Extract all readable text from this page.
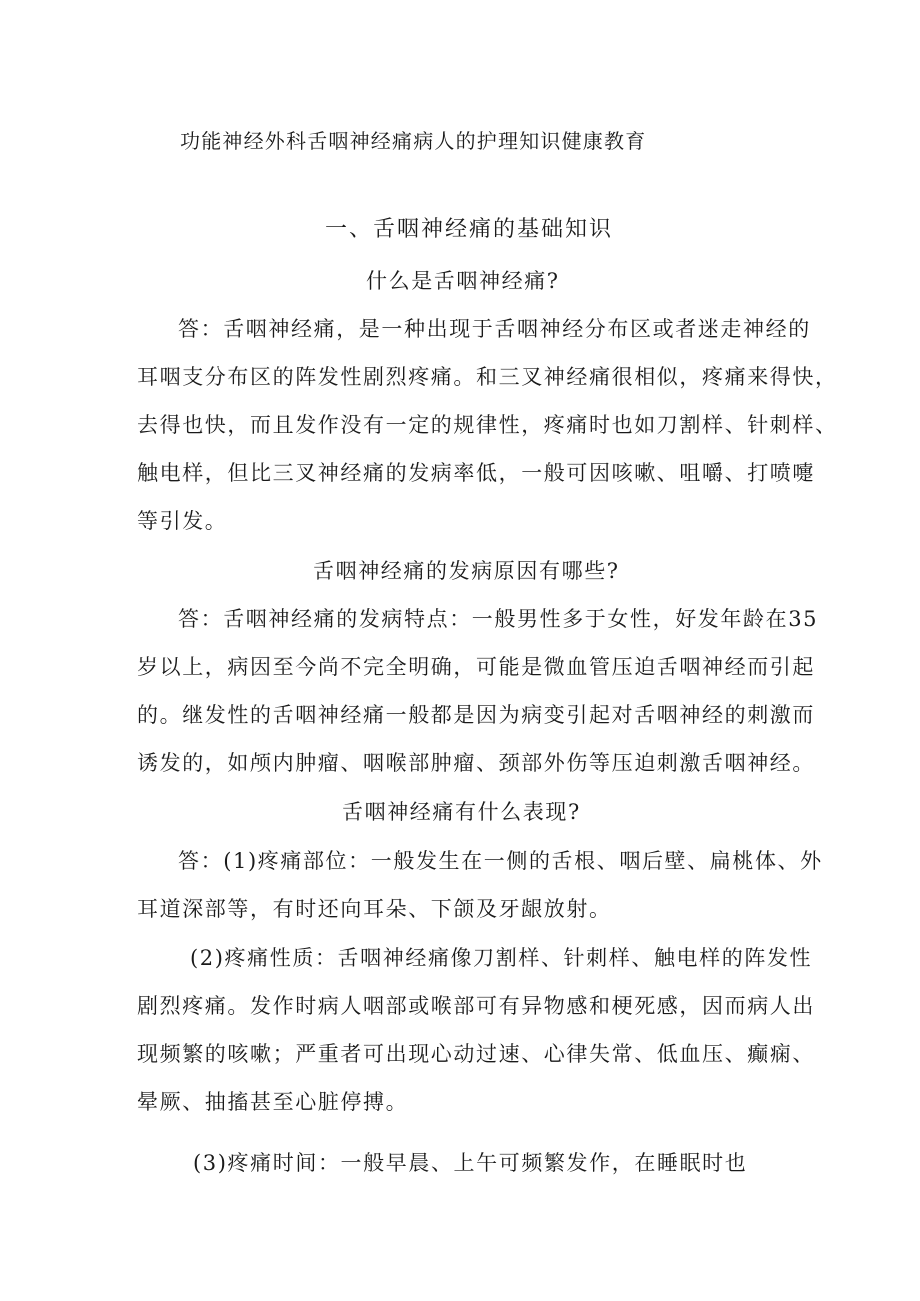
功能神经外科舌咽神经痛病人的护理知识健康教育
一、舌咽神经痛的基础知识
什么是舌咽神经痛?
答：舌咽神经痛，是一种出现于舌咽神经分布区或者迷走神经的
耳咽支分布区的阵发性剧烈疼痛。和三叉神经痛很相似，疼痛来得快，
去得也快，而且发作没有一定的规律性，疼痛时也如刀割样、针刺样、
触电样，但比三叉神经痛的发病率低，一般可因咳嗽、咀嚼、打喷嚏
等引发。
舌咽神经痛的发病原因有哪些?
答：舌咽神经痛的发病特点：一般男性多于女性，好发年龄在35
岁以上，病因至今尚不完全明确，可能是微血管压迫舌咽神经而引起
的。继发性的舌咽神经痛一般都是因为病变引起对舌咽神经的刺激而
诱发的，如颅内肿瘤、咽喉部肿瘤、颈部外伤等压迫刺激舌咽神经。
舌咽神经痛有什么表现?
答：(1)疼痛部位：一般发生在一侧的舌根、咽后壁、扁桃体、外
耳道深部等，有时还向耳朵、下颌及牙龈放射。
(2)疼痛性质：舌咽神经痛像刀割样、针刺样、触电样的阵发性
剧烈疼痛。发作时病人咽部或喉部可有异物感和梗死感，因而病人出
现频繁的咳嗽；严重者可出现心动过速、心律失常、低血压、癫痫、
晕厥、抽搐甚至心脏停搏。
(3)疼痛时间：一般早晨、上午可频繁发作，在睡眠时也
